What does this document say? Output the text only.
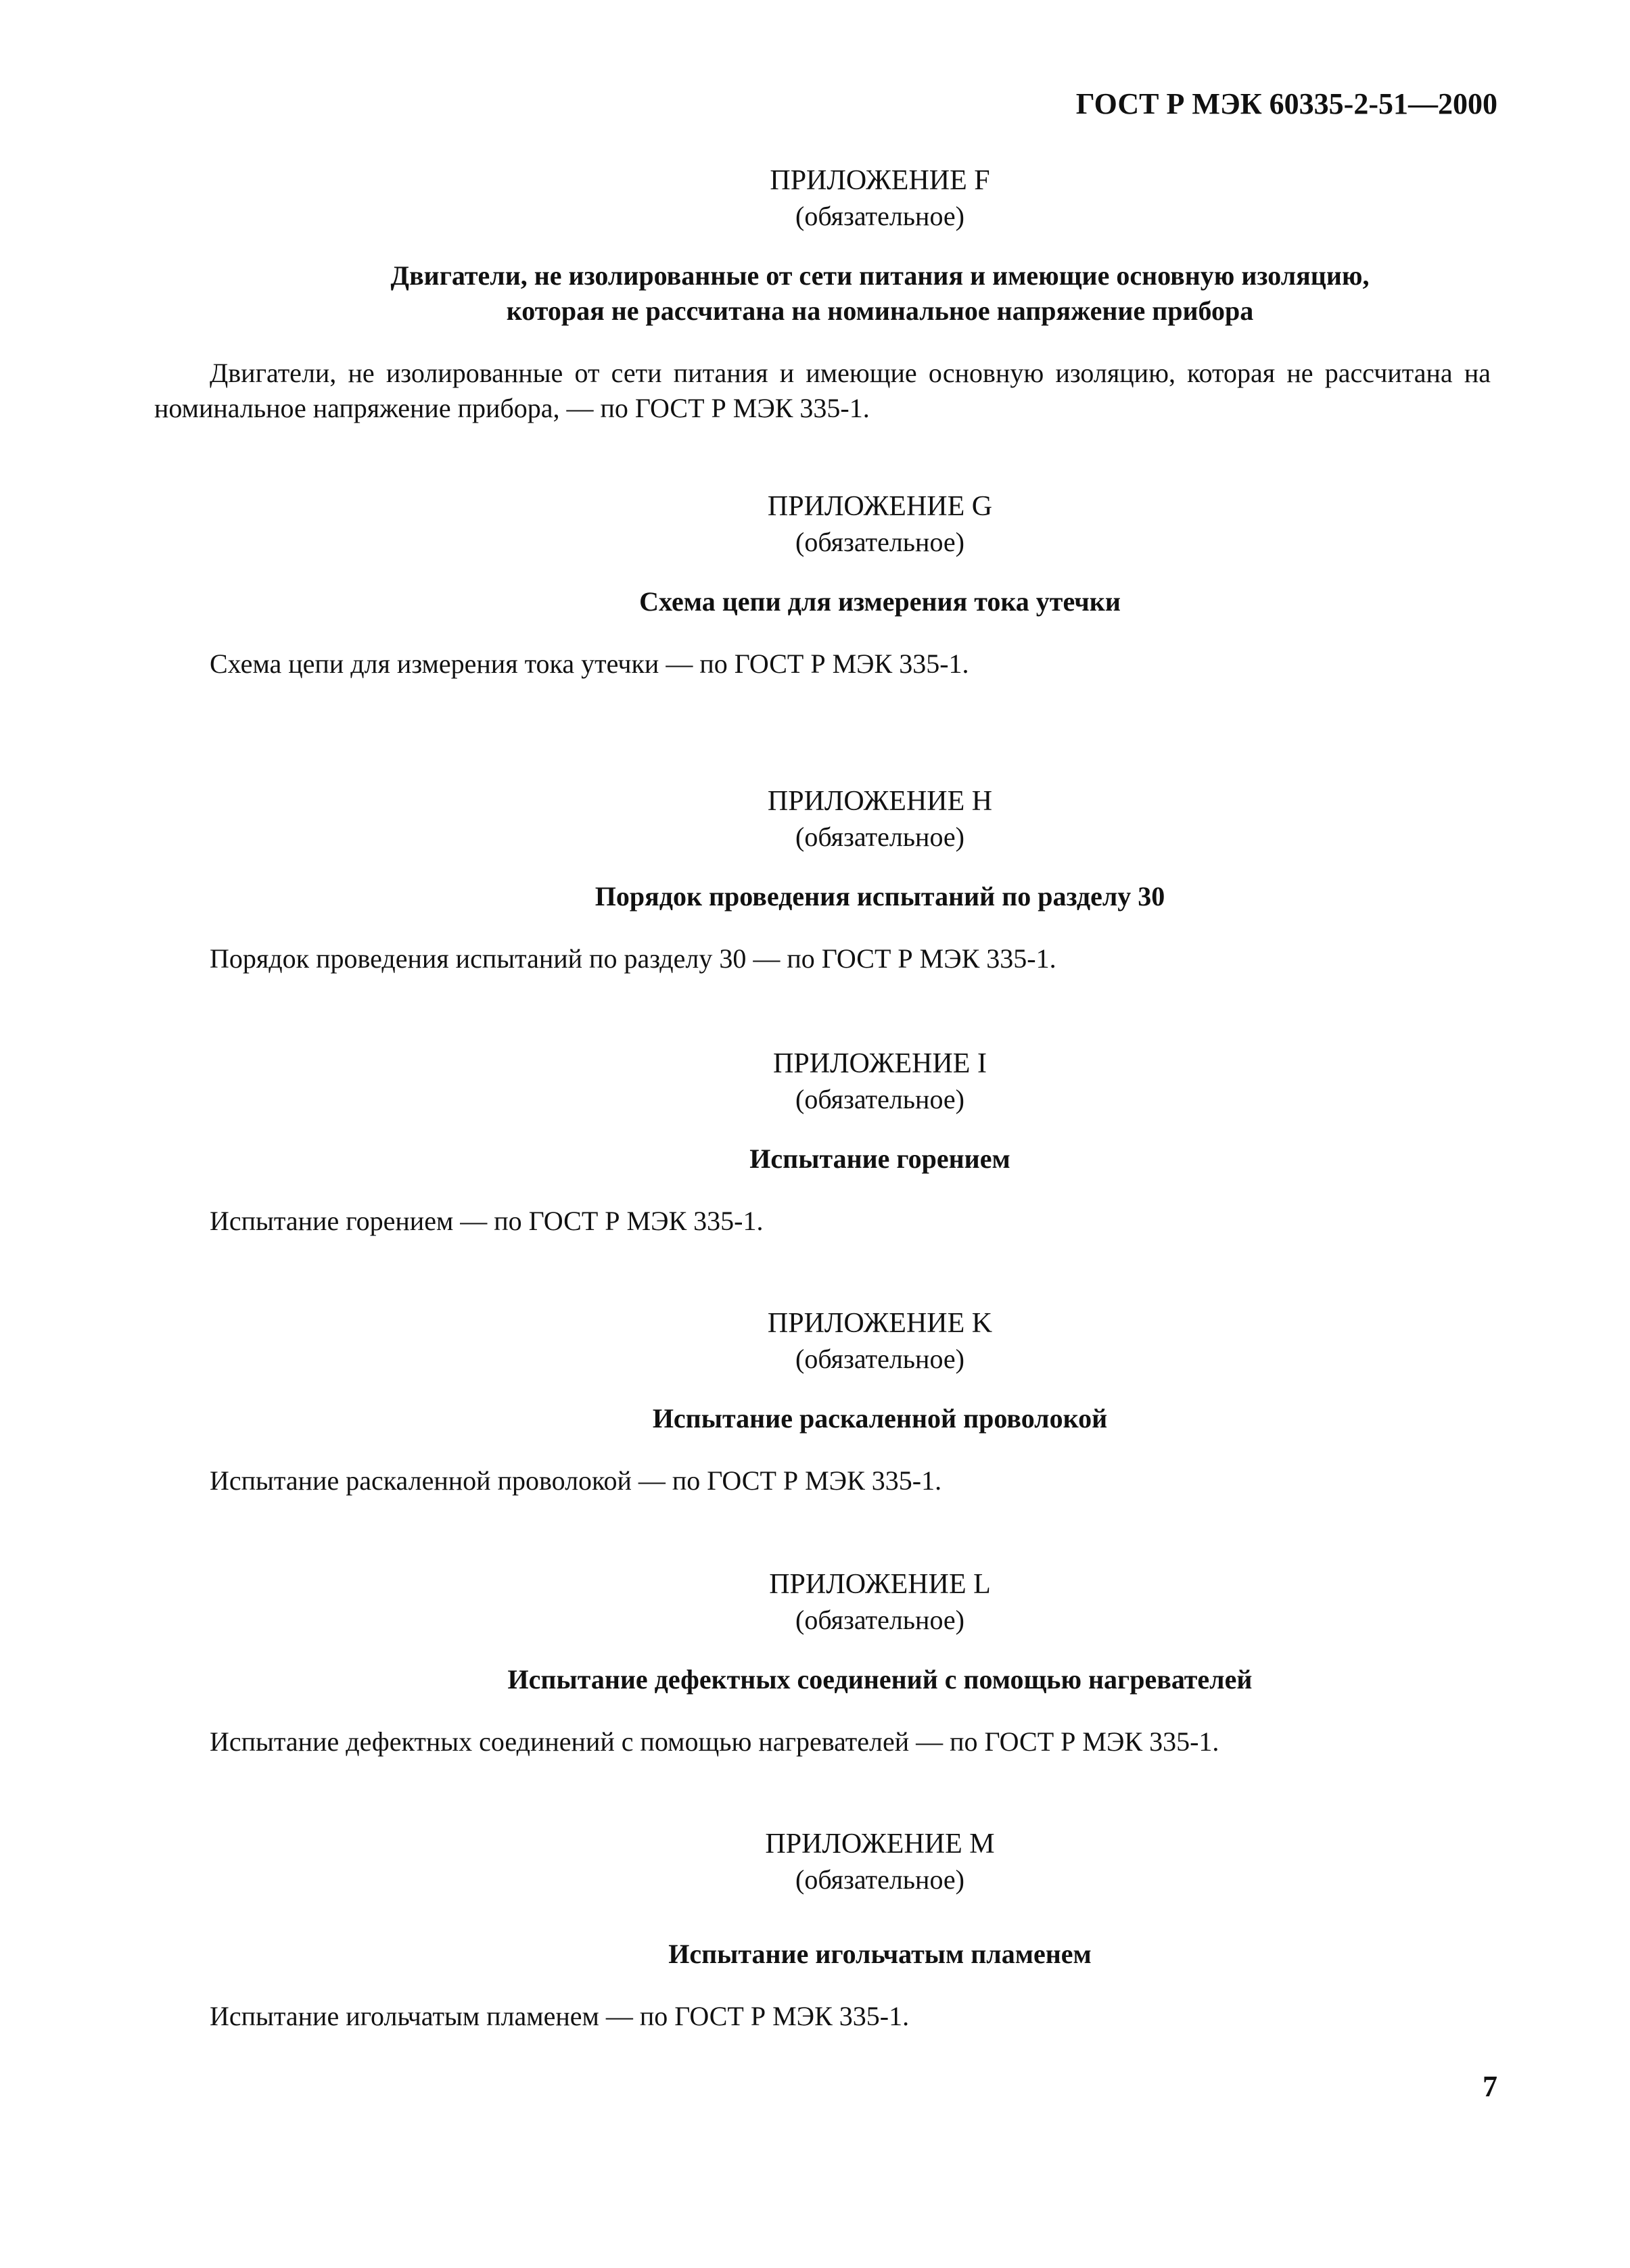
ГОСТ Р МЭК 60335-2-51—2000
ПРИЛОЖЕНИЕ F
(обязательное)
Двигатели, не изолированные от сети питания и имеющие основную изоляцию, которая не рассчитана на номинальное напряжение прибора
Двигатели, не изолированные от сети питания и имеющие основную изоляцию, которая не рассчитана на номинальное напряжение прибора, — по ГОСТ Р МЭК 335-1.
ПРИЛОЖЕНИЕ G
(обязательное)
Схема цепи для измерения тока утечки
Схема цепи для измерения тока утечки — по ГОСТ Р МЭК 335-1.
ПРИЛОЖЕНИЕ H
(обязательное)
Порядок проведения испытаний по разделу 30
Порядок проведения испытаний по разделу 30 — по ГОСТ Р МЭК 335-1.
ПРИЛОЖЕНИЕ I
(обязательное)
Испытание горением
Испытание горением — по ГОСТ Р МЭК 335-1.
ПРИЛОЖЕНИЕ K
(обязательное)
Испытание раскаленной проволокой
Испытание раскаленной проволокой — по ГОСТ Р МЭК 335-1.
ПРИЛОЖЕНИЕ L
(обязательное)
Испытание дефектных соединений с помощью нагревателей
Испытание дефектных соединений с помощью нагревателей — по ГОСТ Р МЭК 335-1.
ПРИЛОЖЕНИЕ M
(обязательное)
Испытание игольчатым пламенем
Испытание игольчатым пламенем — по ГОСТ Р МЭК 335-1.
7
